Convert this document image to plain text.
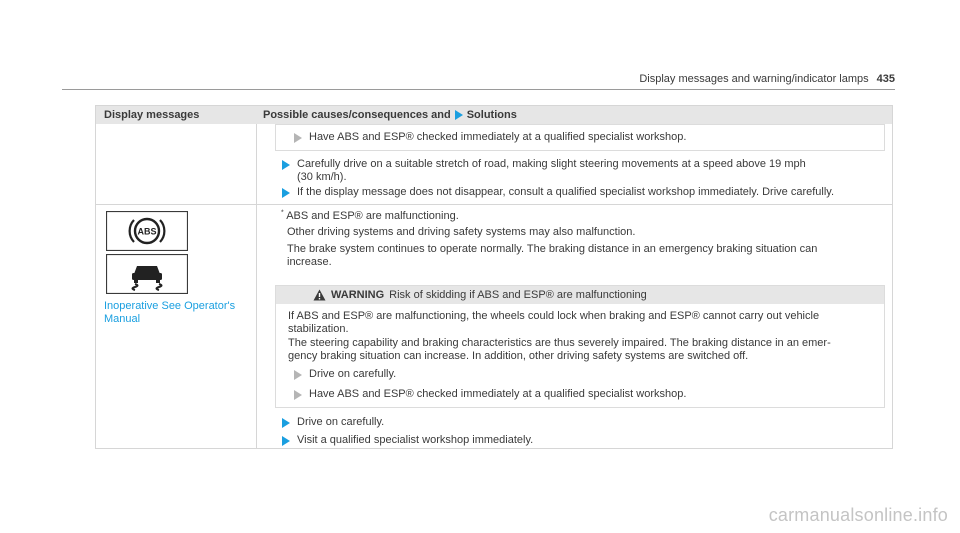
Display messages and warning/indicator lamps 435
Display messages	Possible causes/consequences and Solutions
Have ABS and ESP® checked immediately at a qualified specialist workshop.
Carefully drive on a suitable stretch of road, making slight steering movements at a speed above 19 mph
(30 km/h).
If the display message does not disappear, consult a qualified specialist workshop immediately. Drive carefully.
ABS
Inoperative See Operator's Manual
* ABS and ESP® are malfunctioning.
Other driving systems and driving safety systems may also malfunction.
The brake system continues to operate normally. The braking distance in an emergency braking situation can
increase.
WARNING Risk of skidding if ABS and ESP® are malfunctioning
If ABS and ESP® are malfunctioning, the wheels could lock when braking and ESP® cannot carry out vehicle
stabilization.
The steering capability and braking characteristics are thus severely impaired. The braking distance in an emer-
gency braking situation can increase. In addition, other driving safety systems are switched off.
Drive on carefully.
Have ABS and ESP® checked immediately at a qualified specialist workshop.
Drive on carefully.
Visit a qualified specialist workshop immediately.
carmanualsonline.info
